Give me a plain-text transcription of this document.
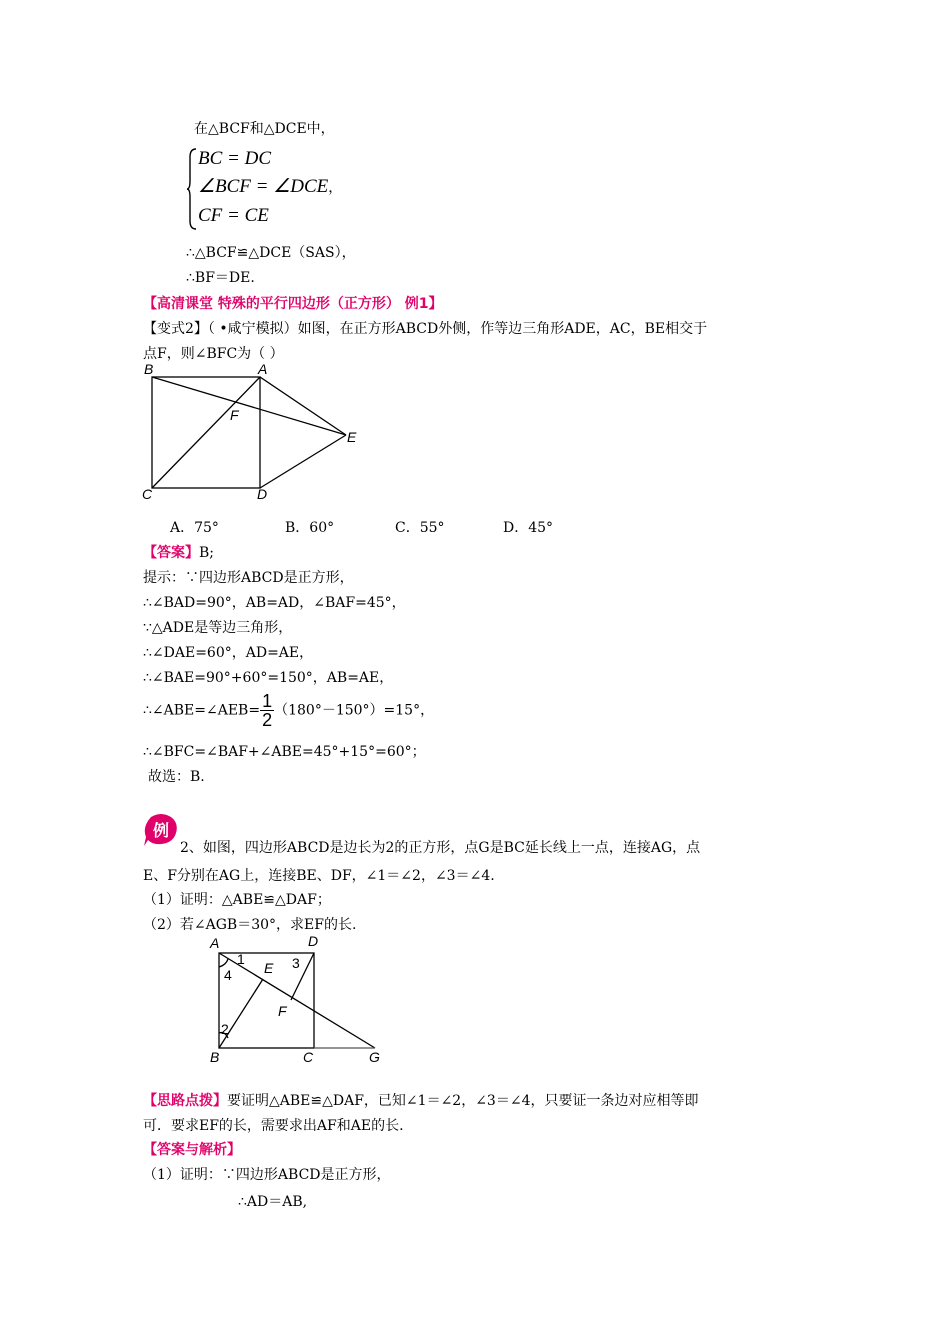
在△BCF和△DCE中，
BC = DC
∠BCF = ∠DCE，
CF = CE
∴△BCF≌△DCE（SAS），
∴BF＝DE.
【高清课堂 特殊的平行四边形（正方形） 例1】
【变式2】（ •咸宁模拟）如图，在正方形ABCD外侧，作等边三角形ADE，AC，BE相交于
点F，则∠BFC为（ ）
B	A
F
E
C	D
A．75°	B．60°	C．55°	D．45°
【答案】B;
提示：∵四边形ABCD是正方形，
∴∠BAD=90°，AB=AD，∠BAF=45°，
∵△ADE是等边三角形，
∴∠DAE=60°，AD=AE，
∴∠BAE=90°+60°=150°，AB=AE，
∴∠ABE=∠AEB= $\frac{1}{2} (180^\circ-150^\circ)=15^\circ$，
∴∠BFC=∠BAF+∠ABE=45°+15°=60°；
故选：B.
例
2、如图，四边形ABCD是边长为2的正方形，点G是BC延长线上一点，连接AG，点
E、F分别在AG上，连接BE、DF，∠1＝∠2，∠3＝∠4.
（1）证明：△ABE≌△DAF；
（2）若∠AGB＝30°，求EF的长.
A	D
1
4 E 3
F
2
B	C	G
【思路点拨】要证明△ABE≌△DAF，已知∠1＝∠2，∠3＝∠4，只要证一条边对应相等即
可．要求EF的长，需要求出AF和AE的长.
【答案与解析】
（1）证明：∵四边形ABCD是正方形，
∴AD＝AB,
